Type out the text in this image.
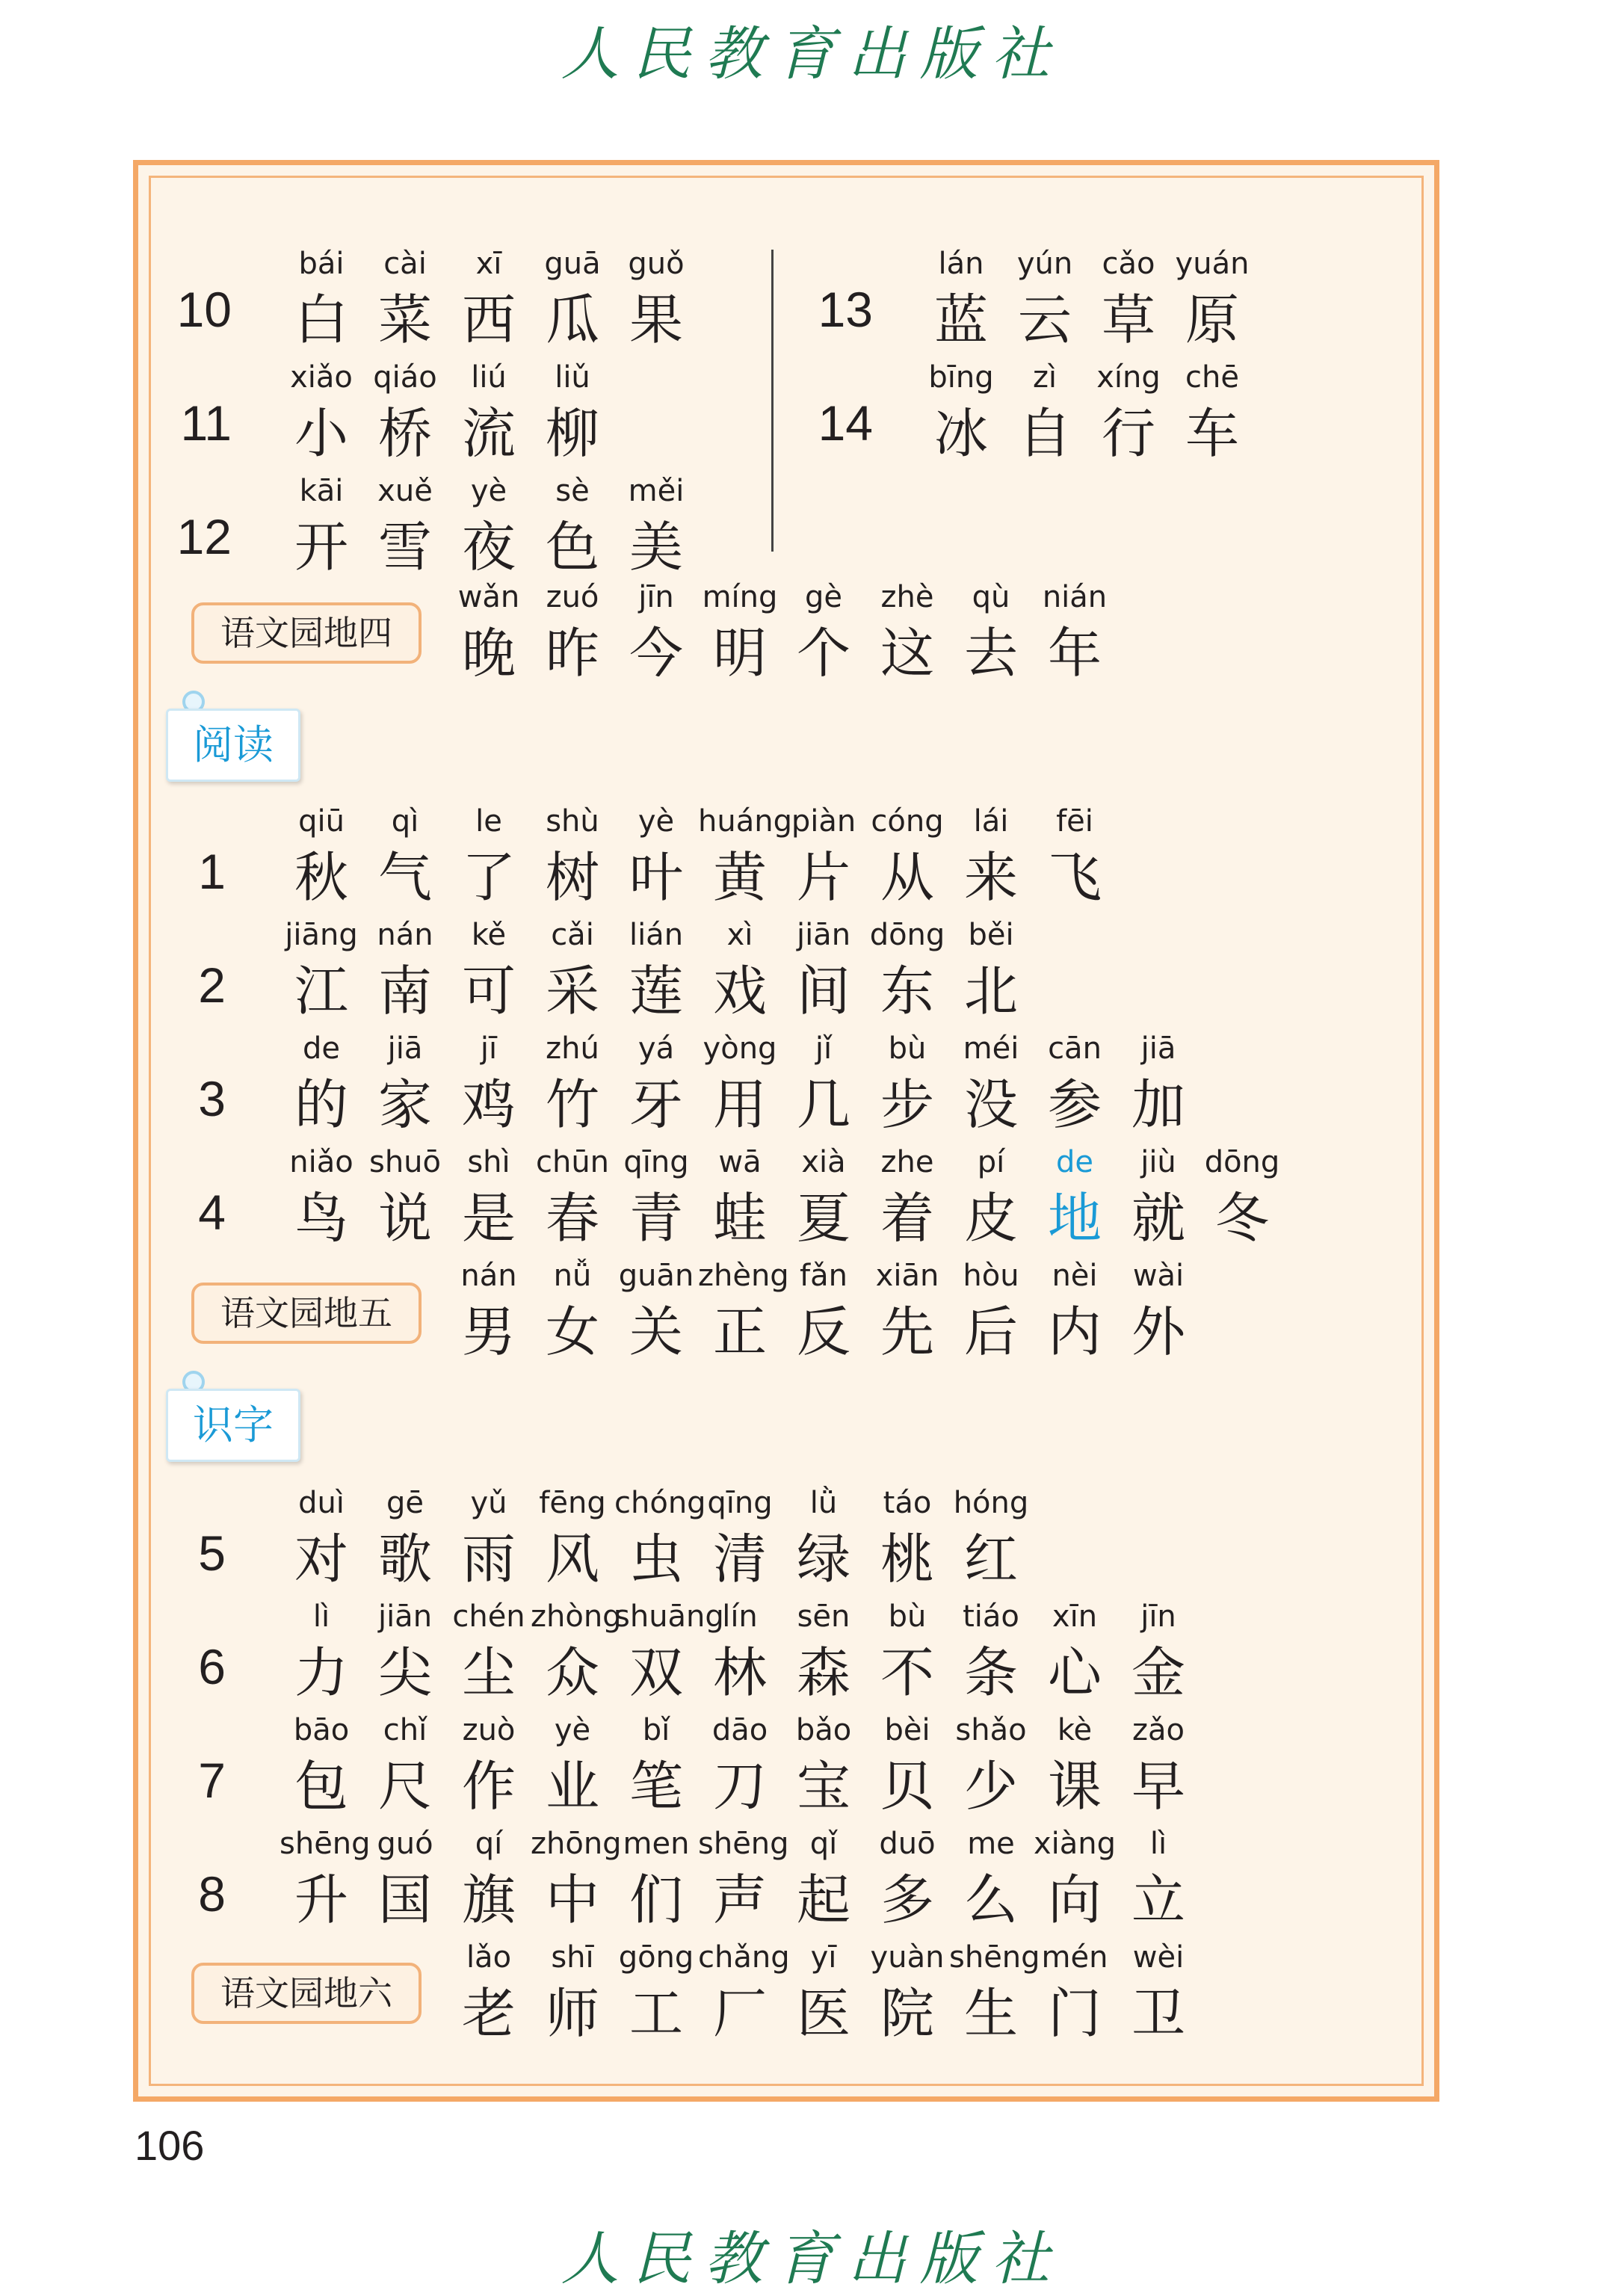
人民教育出版社
10
bái
白
cài
菜
xī
西
guā
瓜
guǒ
果
11
xiǎo
小
qiáo
桥
liú
流
liǔ
柳
12
kāi
开
xuě
雪
yè
夜
sè
色
měi
美
13
lán
蓝
yún
云
cǎo
草
yuán
原
14
bīng
冰
zì
自
xíng
行
chē
车
语文园地四
wǎn
晚
zuó
昨
jīn
今
míng
明
gè
个
zhè
这
qù
去
nián
年
阅读
1
qiū
秋
qì
气
le
了
shù
树
yè
叶
huáng
黄
piàn
片
cóng
从
lái
来
fēi
飞
2
jiāng
江
nán
南
kě
可
cǎi
采
lián
莲
xì
戏
jiān
间
dōng
东
běi
北
3
de
的
jiā
家
jī
鸡
zhú
竹
yá
牙
yòng
用
jǐ
几
bù
步
méi
没
cān
参
jiā
加
4
niǎo
鸟
shuō
说
shì
是
chūn
春
qīng
青
wā
蛙
xià
夏
zhe
着
pí
皮
de
地
jiù
就
dōng
冬
语文园地五
nán
男
nǚ
女
guān
关
zhèng
正
fǎn
反
xiān
先
hòu
后
nèi
内
wài
外
识字
5
duì
对
gē
歌
yǔ
雨
fēng
风
chóng
虫
qīng
清
lǜ
绿
táo
桃
hóng
红
6
lì
力
jiān
尖
chén
尘
zhòng
众
shuāng
双
lín
林
sēn
森
bù
不
tiáo
条
xīn
心
jīn
金
7
bāo
包
chǐ
尺
zuò
作
yè
业
bǐ
笔
dāo
刀
bǎo
宝
bèi
贝
shǎo
少
kè
课
zǎo
早
8
shēng
升
guó
国
qí
旗
zhōng
中
men
们
shēng
声
qǐ
起
duō
多
me
么
xiàng
向
lì
立
语文园地六
lǎo
老
shī
师
gōng
工
chǎng
厂
yī
医
yuàn
院
shēng
生
mén
门
wèi
卫
106
人民教育出版社
